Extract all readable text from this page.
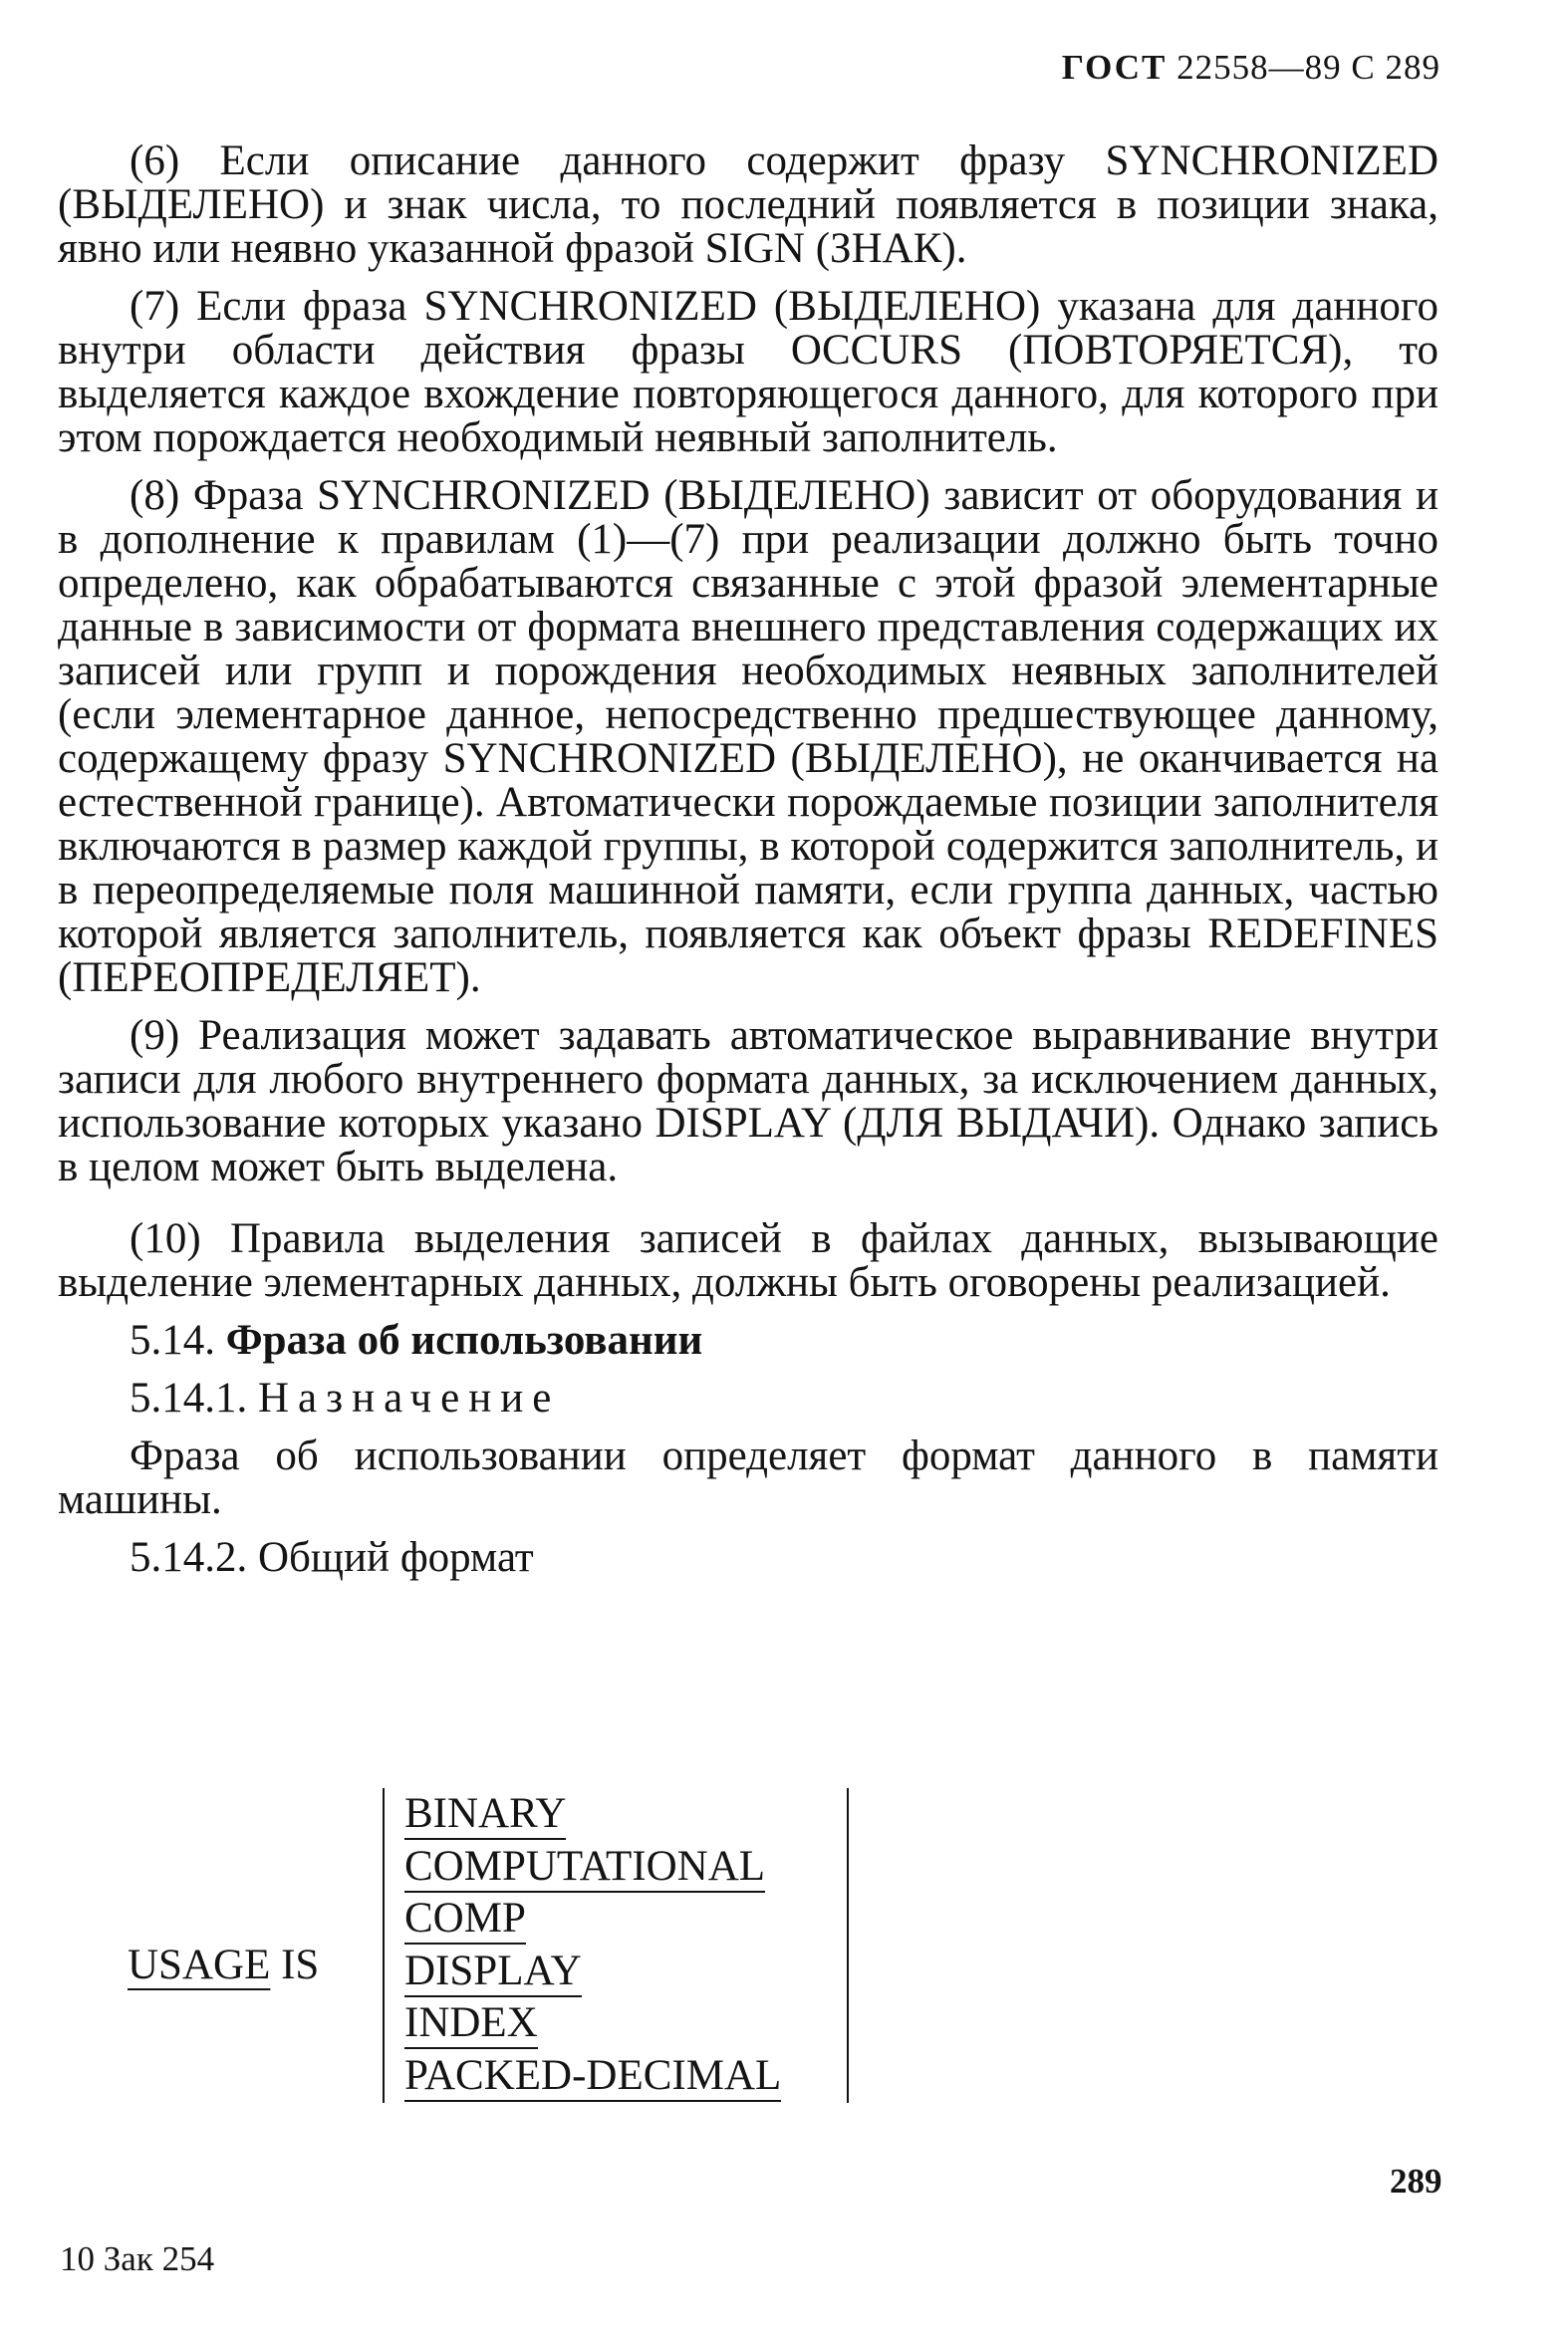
ГОСТ 22558—89 С 289

(6) Если описание данного содержит фразу SYNCHRONIZED (ВЫДЕЛЕНО) и знак числа, то последний появляется в позиции знака, явно или неявно указанной фразой SIGN (ЗНАК).

(7) Если фраза SYNCHRONIZED (ВЫДЕЛЕНО) указана для данного внутри области действия фразы OCCURS (ПОВТОРЯЕТСЯ), то выделяется каждое вхождение повторяющегося данного, для которого при этом порождается необходимый неявный заполнитель.

(8) Фраза SYNCHRONIZED (ВЫДЕЛЕНО) зависит от оборудования и в дополнение к правилам (1)—(7) при реализации должно быть точно определено, как обрабатываются связанные с этой фразой элементарные данные в зависимости от формата внешнего представления содержащих их записей или групп и порождения необходимых неявных заполнителей (если элементарное данное, непосредственно предшествующее данному, содержащему фразу SYNCHRONIZED (ВЫДЕЛЕНО), не оканчивается на естественной границе). Автоматически порождаемые позиции заполнителя включаются в размер каждой группы, в которой содержится заполнитель, и в переопределяемые поля машинной памяти, если группа данных, частью которой является заполнитель, появляется как объект фразы REDEFINES (ПЕРЕОПРЕДЕЛЯЕТ).

(9) Реализация может задавать автоматическое выравнивание внутри записи для любого внутреннего формата данных, за исключением данных, использование которых указано DISPLAY (ДЛЯ ВЫДАЧИ). Однако запись в целом может быть выделена.

(10) Правила выделения записей в файлах данных, вызывающие выделение элементарных данных, должны быть оговорены реализацией.

5.14. Фраза об использовании
5.14.1. Назначение

Фраза об использовании определяет формат данного в памяти машины.

5.14.2. Общий формат
USAGE IS
BINARY
COMPUTATIONAL
COMP
DISPLAY
INDEX
PACKED-DECIMAL
289
10 Зак 254
